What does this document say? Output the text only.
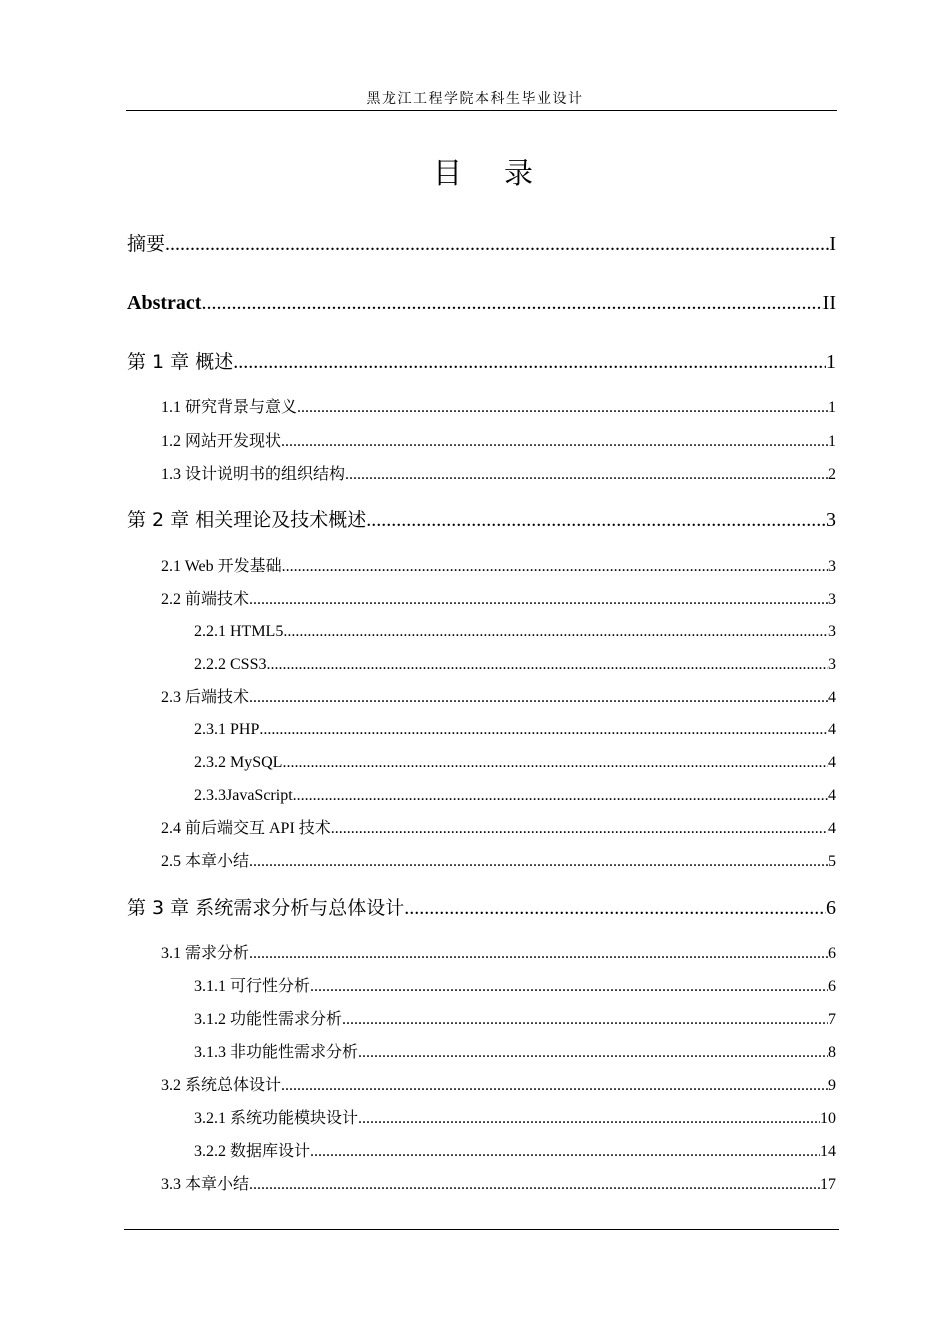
黑龙江工程学院本科生毕业设计
目 录
摘要 .....	I
Abstract .....	II
第 1 章 概述 .....	1
1.1 研究背景与意义 .....	1
1.2 网站开发现状 .....	1
1.3 设计说明书的组织结构 .....	2
第 2 章 相关理论及技术概述 .....	3
2.1 Web 开发基础 .....	3
2.2 前端技术 .....	3
2.2.1 HTML5 .....	3
2.2.2 CSS3 .....	3
2.3 后端技术 .....	4
2.3.1 PHP .....	4
2.3.2 MySQL .....	4
2.3.3JavaScript .....	4
2.4 前后端交互 API 技术 .....	4
2.5 本章小结 .....	5
第 3 章 系统需求分析与总体设计 .....	6
3.1 需求分析 .....	6
3.1.1 可行性分析 .....	6
3.1.2 功能性需求分析 .....	7
3.1.3 非功能性需求分析 .....	8
3.2 系统总体设计 .....	9
3.2.1 系统功能模块设计 .....	10
3.2.2 数据库设计 .....	14
3.3 本章小结 .....	17
